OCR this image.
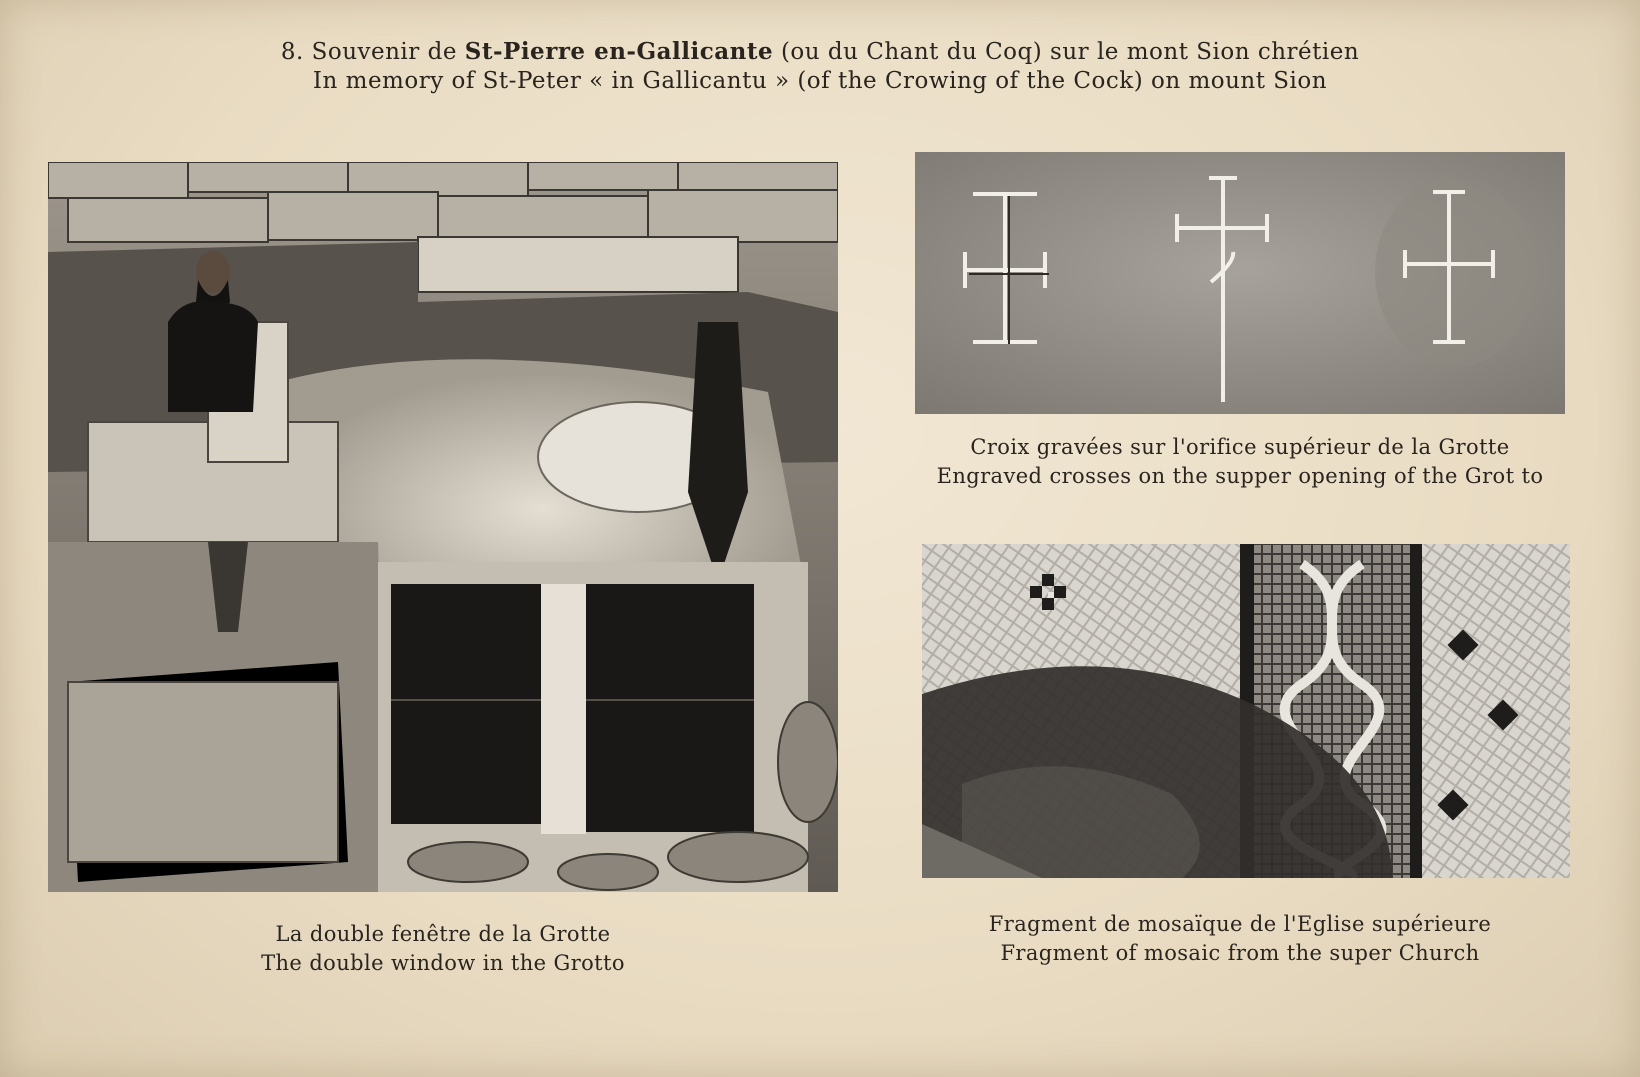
8. Souvenir de St-Pierre en-Gallicante (ou du Chant du Coq) sur le mont Sion chrétien
In memory of St-Peter « in Gallicantu » (of the Crowing of the Cock) on mount Sion
Croix gravées sur l'orifice supérieur de la Grotte
Engraved crosses on the supper opening of the Grot to
Fragment de mosaïque de l'Eglise supérieure
Fragment of mosaic from the super Church
La double fenêtre de la Grotte
The double window in the Grotto
